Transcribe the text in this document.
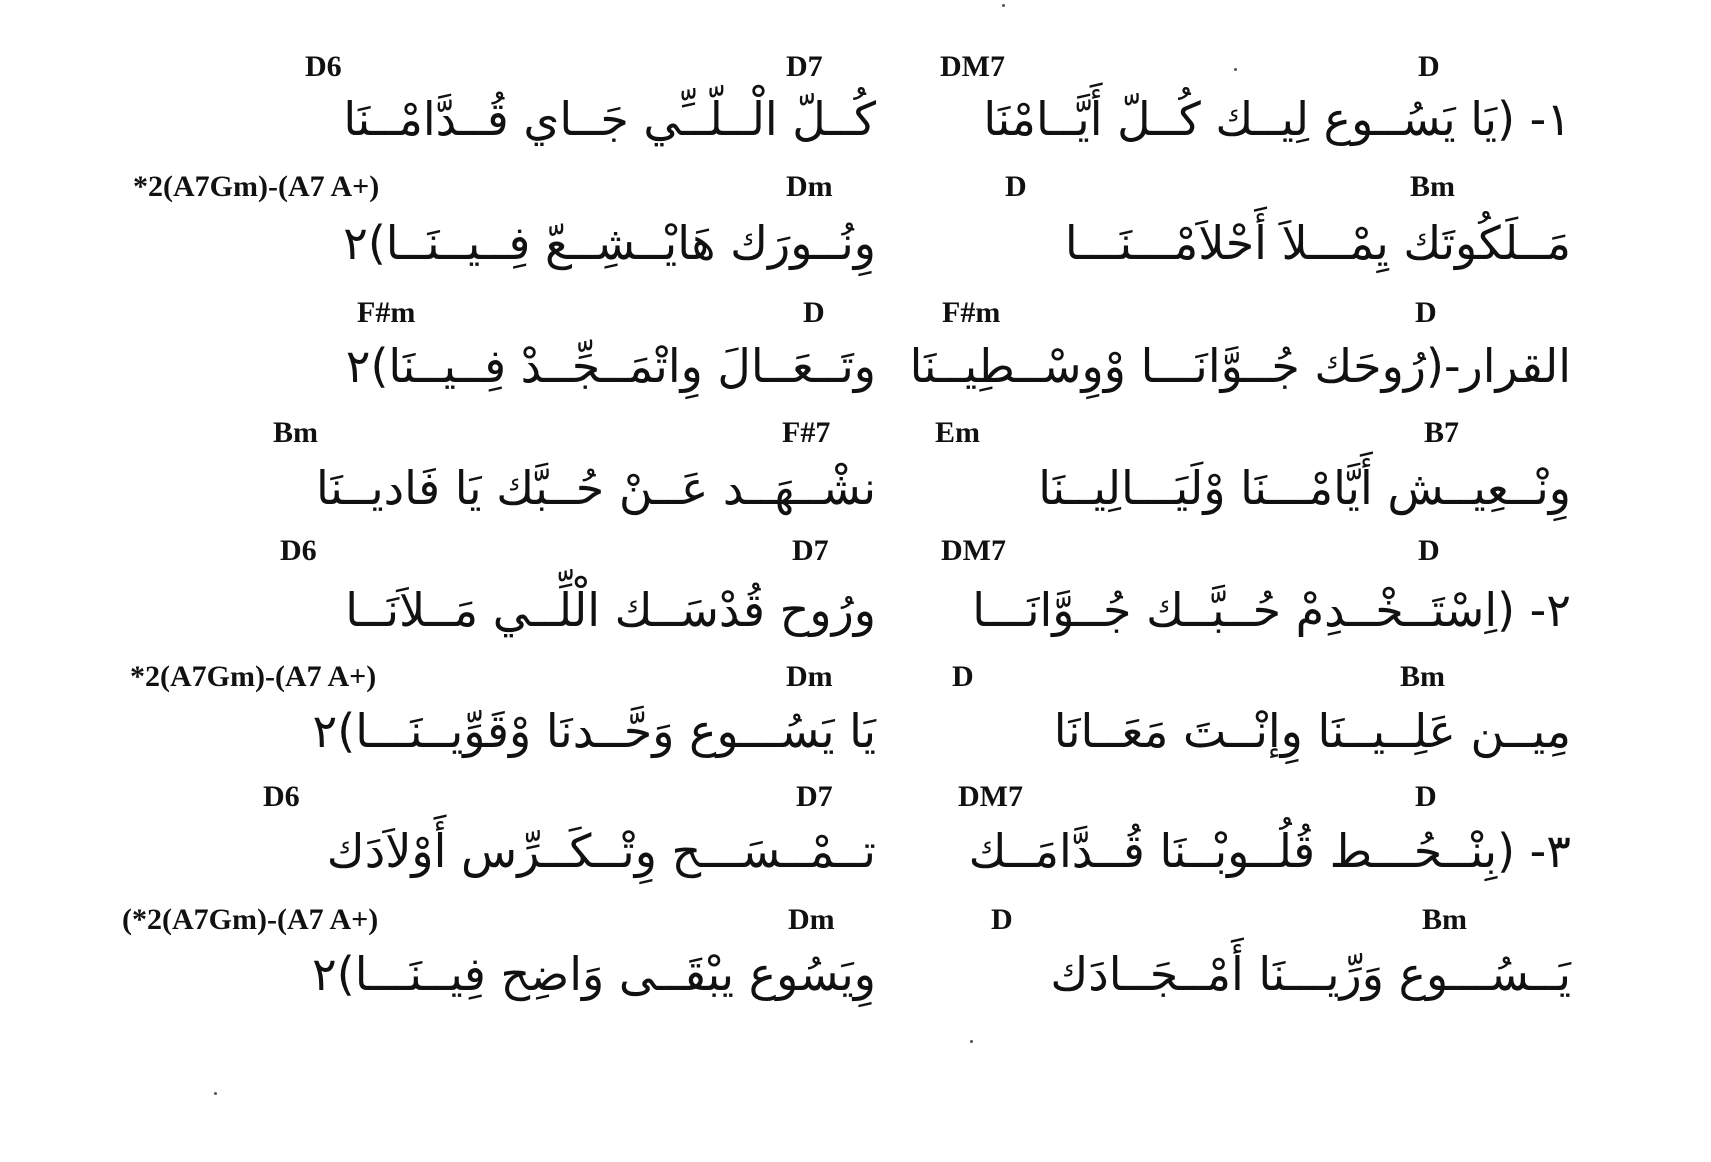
D6	D7	DM7	D
كُــلّ الْــلّــِّي جَــاي قُــدَّامْــنَا ١- (يَا يَسُــوع لِيــك كُــلّ أَيَّــامْنَا
*2(A7Gm)-(A7 A+)	Dm	D	Bm
وِنُــورَك هَايْــشِــعّ فِــيــنَــا)٢	مَــلَكُوتَك يِمْـــلاَ أَحْلاَمْـــنَـــا
F#m	D	F#m	D
وتَــعَــالَ وِاتْمَــجِّــدْ فِــيــنَا)٢ القرار-(رُوحَك جُــوَّانَـــا وْوِسْــطِيــنَا
Bm	F#7	Em	B7
نشْــهَــد عَــنْ حُــبَّك يَا فَاديــنَا	وِنْــعِيــش أَيَّامْـــنَا وْلَيَـــالِيــنَا
D6	D7	DM7	D
ورُوح قُدْسَــك الْلِّــي مَــلاَنَــا ٢- (اِسْتَــخْــدِمْ حُــبَّــك جُــوَّانَـــا
*2(A7Gm)-(A7 A+)	Dm	D	Bm
يَا يَسُـــوع وَحَّــدنَا وْقَوِّيــنَـــا)٢	مِيــن عَلِــيــنَا وِإنْــتَ مَعَــانَا
D6	D7	DM7	D
تــمْــسَـــح وِتْــكَــرِّس أَوْلاَدَك ٣- (بِنْــحُـــط قُلُــوبْــنَا قُــدَّامَــك
(*2(A7Gm)-(A7 A+)	Dm	D	Bm
وِيَسُوع يبْقَــى وَاضِح فِيــنَـــا)٢	يَــسُـــوع وَرِّيـــنَا أَمْــجَــادَك
